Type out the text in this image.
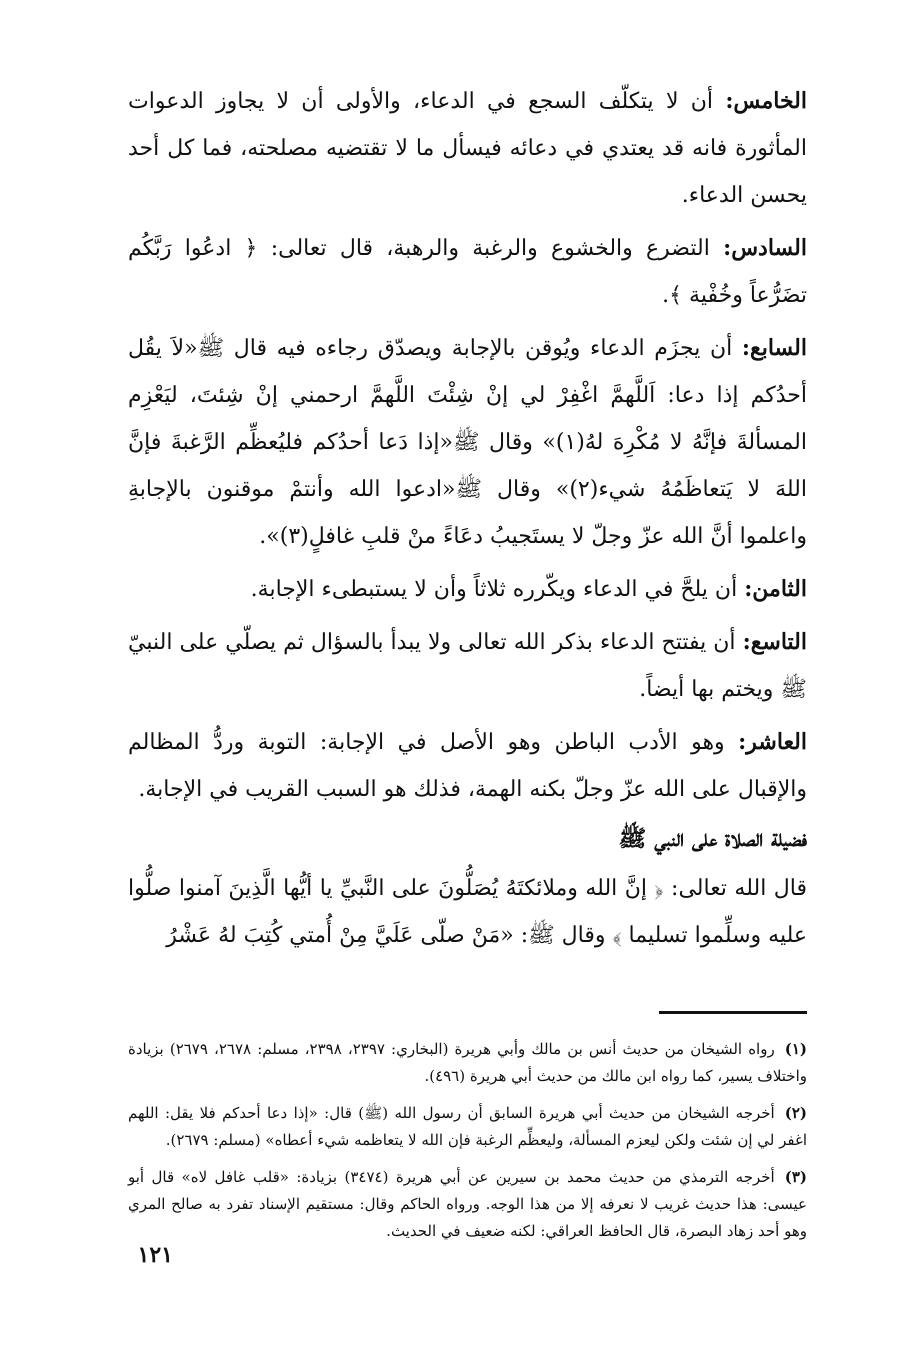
الخامس: أن لا يتكلّف السجع في الدعاء، والأولى أن لا يجاوز الدعوات المأثورة فانه قد يعتدي في دعائه فيسأل ما لا تقتضيه مصلحته، فما كل أحد يحسن الدعاء.

السادس: التضرع والخشوع والرغبة والرهبة، قال تعالى: ﴿ ادعُوا رَبَّكُم تضَرُّعاً وخُفْية ﴾.

السابع: أن يجزَم الدعاء ويُوقن بالإجابة ويصدّق رجاءه فيه قال ﷺ«لاَ يقُل أحدُكم إذا دعا: اَللَّهمَّ اغْفِرْ لي إنْ شِئْتَ اللَّهمَّ ارحمني إنْ شِئتَ، ليَعْزِم المسألةَ فإنَّهُ لا مُكْرِهَ لهُ(١)» وقال ﷺ«إذا دَعا أحدُكم فليُعظِّم الرَّغبةَ فإنَّ اللهَ لا يَتعاظَمُهُ شيء(٢)» وقال ﷺ«ادعوا الله وأنتمْ موقنون بالإجابةِ واعلموا أنَّ الله عزّ وجلّ لا يستَجيبُ دعَاءً منْ قلبِ غافلٍ(٣)».

الثامن: أن يلحَّ في الدعاء ويكّرره ثلاثاً وأن لا يستبطىء الإجابة.

التاسع: أن يفتتح الدعاء بذكر الله تعالى ولا يبدأ بالسؤال ثم يصلّي على النبيّ ﷺ ويختم بها أيضاً.

العاشر: وهو الأدب الباطن وهو الأصل في الإجابة: التوبة وردُّ المظالم والإقبال على الله عزّ وجلّ بكنه الهمة، فذلك هو السبب القريب في الإجابة.

فضيلة الصلاة على النبي ﷺ

قال الله تعالى: ﴿ إنَّ الله وملائكتَهُ يُصَلُّونَ على النَّبيِّ يا أيُّها الَّذِينَ آمنوا صلُّوا عليه وسلِّموا تسليما ﴾ وقال ﷺ: «مَنْ صلّى عَلَيَّ مِنْ أُمتي كُتِبَ لهُ عَشْرُ

(١)رواه الشيخان من حديث أنس بن مالك وأبي هريرة (البخاري: ٢٣٩٧، ٢٣٩٨، مسلم: ٢٦٧٨، ٢٦٧٩) بزيادة واختلاف يسير، كما رواه ابن مالك من حديث أبي هريرة (٤٩٦).

(٢)أخرجه الشيخان من حديث أبي هريرة السابق أن رسول الله (ﷺ) قال: «إذا دعا أحدكم فلا يقل: اللهم اغفر لي إن شئت ولكن ليعزم المسألة، وليعظِّم الرغبة فإن الله لا يتعاظمه شيء أعطاه» (مسلم: ٢٦٧٩).

(٣)أخرجه الترمذي من حديث محمد بن سيرين عن أبي هريرة (٣٤٧٤) بزيادة: «قلب غافل لاه» قال أبو عيسى: هذا حديث غريب لا نعرفه إلا من هذا الوجه. ورواه الحاكم وقال: مستقيم الإسناد تفرد به صالح المري وهو أحد زهاد البصرة، قال الحافظ العراقي: لكنه ضعيف في الحديث.

١٢١
